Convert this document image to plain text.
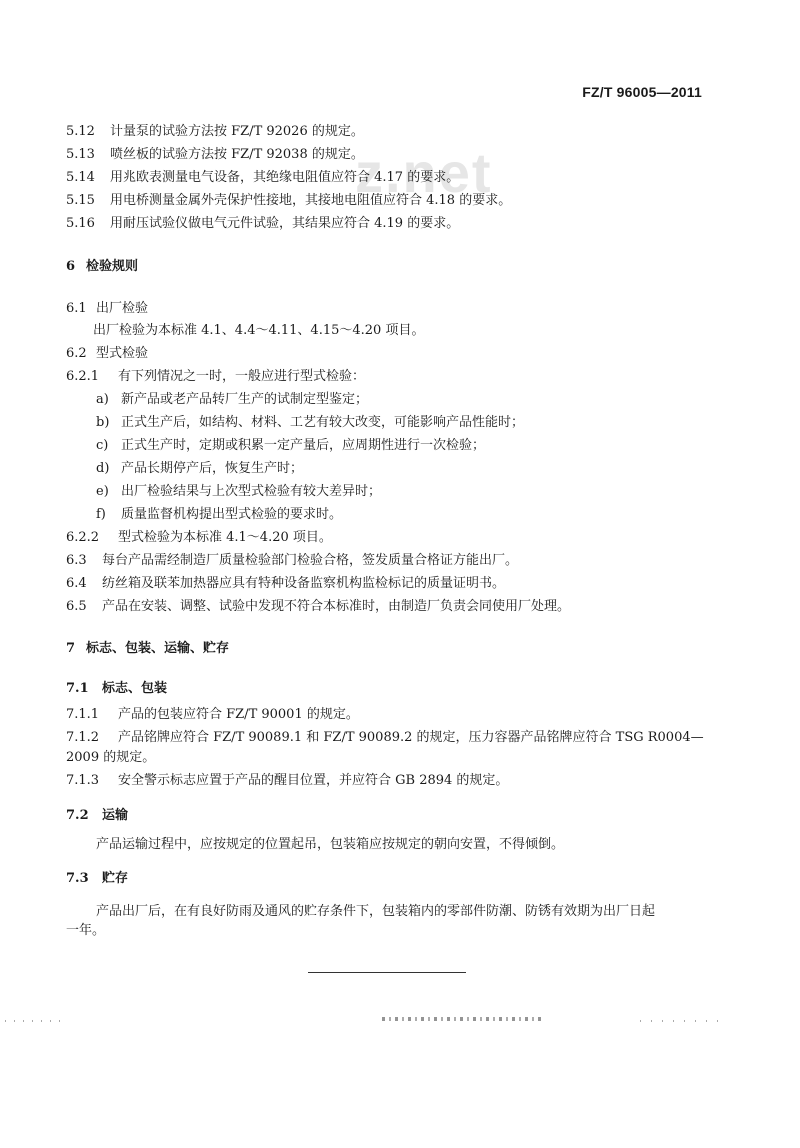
z.net
FZ/T 96005—2011
5.12 计量泵的试验方法按 FZ/T 92026 的规定。
5.13 喷丝板的试验方法按 FZ/T 92038 的规定。
5.14 用兆欧表测量电气设备，其绝缘电阻值应符合 4.17 的要求。
5.15 用电桥测量金属外壳保护性接地，其接地电阻值应符合 4.18 的要求。
5.16 用耐压试验仪做电气元件试验，其结果应符合 4.19 的要求。
6 检验规则
6.1 出厂检验
出厂检验为本标准 4.1、4.4～4.11、4.15～4.20 项目。
6.2 型式检验
6.2.1 有下列情况之一时，一般应进行型式检验：
a) 新产品或老产品转厂生产的试制定型鉴定；
b) 正式生产后，如结构、材料、工艺有较大改变，可能影响产品性能时；
c) 正式生产时，定期或积累一定产量后，应周期性进行一次检验；
d) 产品长期停产后，恢复生产时；
e) 出厂检验结果与上次型式检验有较大差异时；
f) 质量监督机构提出型式检验的要求时。
6.2.2 型式检验为本标准 4.1～4.20 项目。
6.3 每台产品需经制造厂质量检验部门检验合格，签发质量合格证方能出厂。
6.4 纺丝箱及联苯加热器应具有特种设备监察机构监检标记的质量证明书。
6.5 产品在安装、调整、试验中发现不符合本标准时，由制造厂负责会同使用厂处理。
7 标志、包装、运输、贮存
7.1 标志、包装
7.1.1 产品的包装应符合 FZ/T 90001 的规定。
7.1.2 产品铭牌应符合 FZ/T 90089.1 和 FZ/T 90089.2 的规定，压力容器产品铭牌应符合 TSG R0004—
2009 的规定。
7.1.3 安全警示标志应置于产品的醒目位置，并应符合 GB 2894 的规定。
7.2 运输
产品运输过程中，应按规定的位置起吊，包装箱应按规定的朝向安置，不得倾倒。
7.3 贮存
产品出厂后，在有良好防雨及通风的贮存条件下，包装箱内的零部件防潮、防锈有效期为出厂日起
一年。
